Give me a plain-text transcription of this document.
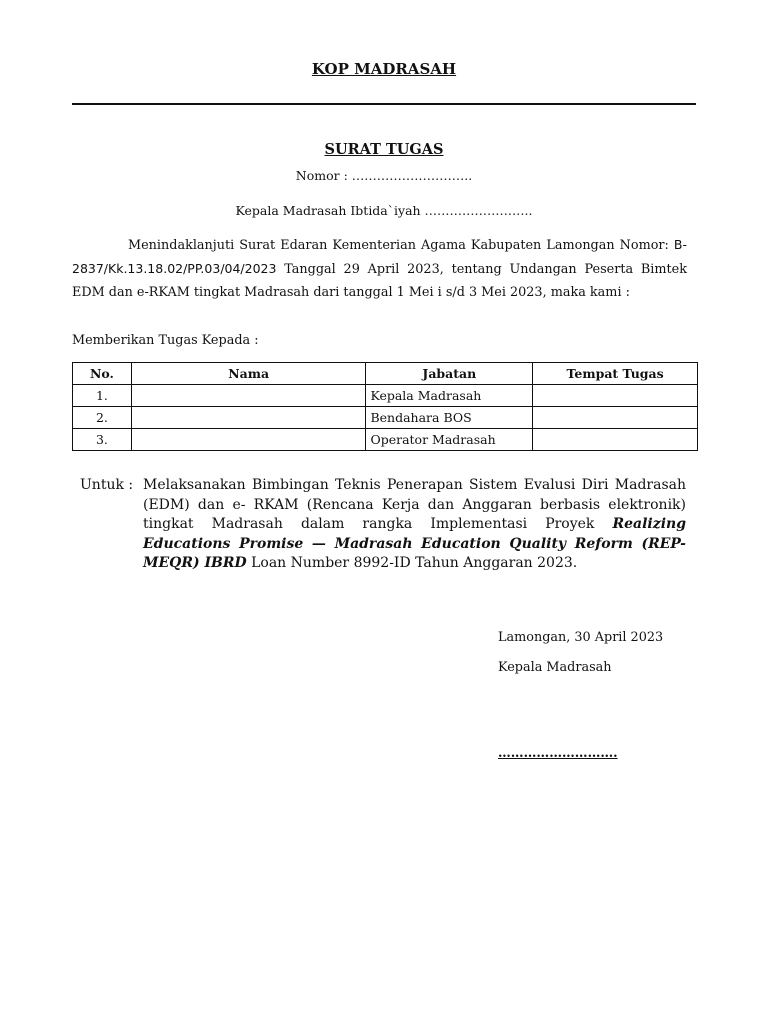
KOP MADRASAH
SURAT TUGAS
Nomor : ………………………..
Kepala Madrasah Ibtida`iyah ……………………..
Menindaklanjuti Surat Edaran Kementerian Agama Kabupaten Lamongan Nomor: B-2837/Kk.13.18.02/PP.03/04/2023 Tanggal 29 April 2023, tentang Undangan Peserta Bimtek EDM dan e-RKAM tingkat Madrasah dari tanggal 1 Mei i s/d 3 Mei 2023, maka kami :
Memberikan Tugas Kepada :
No.	Nama	Jabatan	Tempat Tugas
1.		Kepala Madrasah	
2.		Bendahara BOS	
3.		Operator Madrasah	
Untuk : Melaksanakan Bimbingan Teknis Penerapan Sistem Evalusi Diri Madrasah (EDM) dan e- RKAM (Rencana Kerja dan Anggaran berbasis elektronik) tingkat Madrasah dalam rangka Implementasi Proyek Realizing Educations Promise — Madrasah Education Quality Reform (REP-MEQR) IBRD Loan Number 8992-ID Tahun Anggaran 2023.
Lamongan, 30 April 2023
Kepala Madrasah
……………………….
